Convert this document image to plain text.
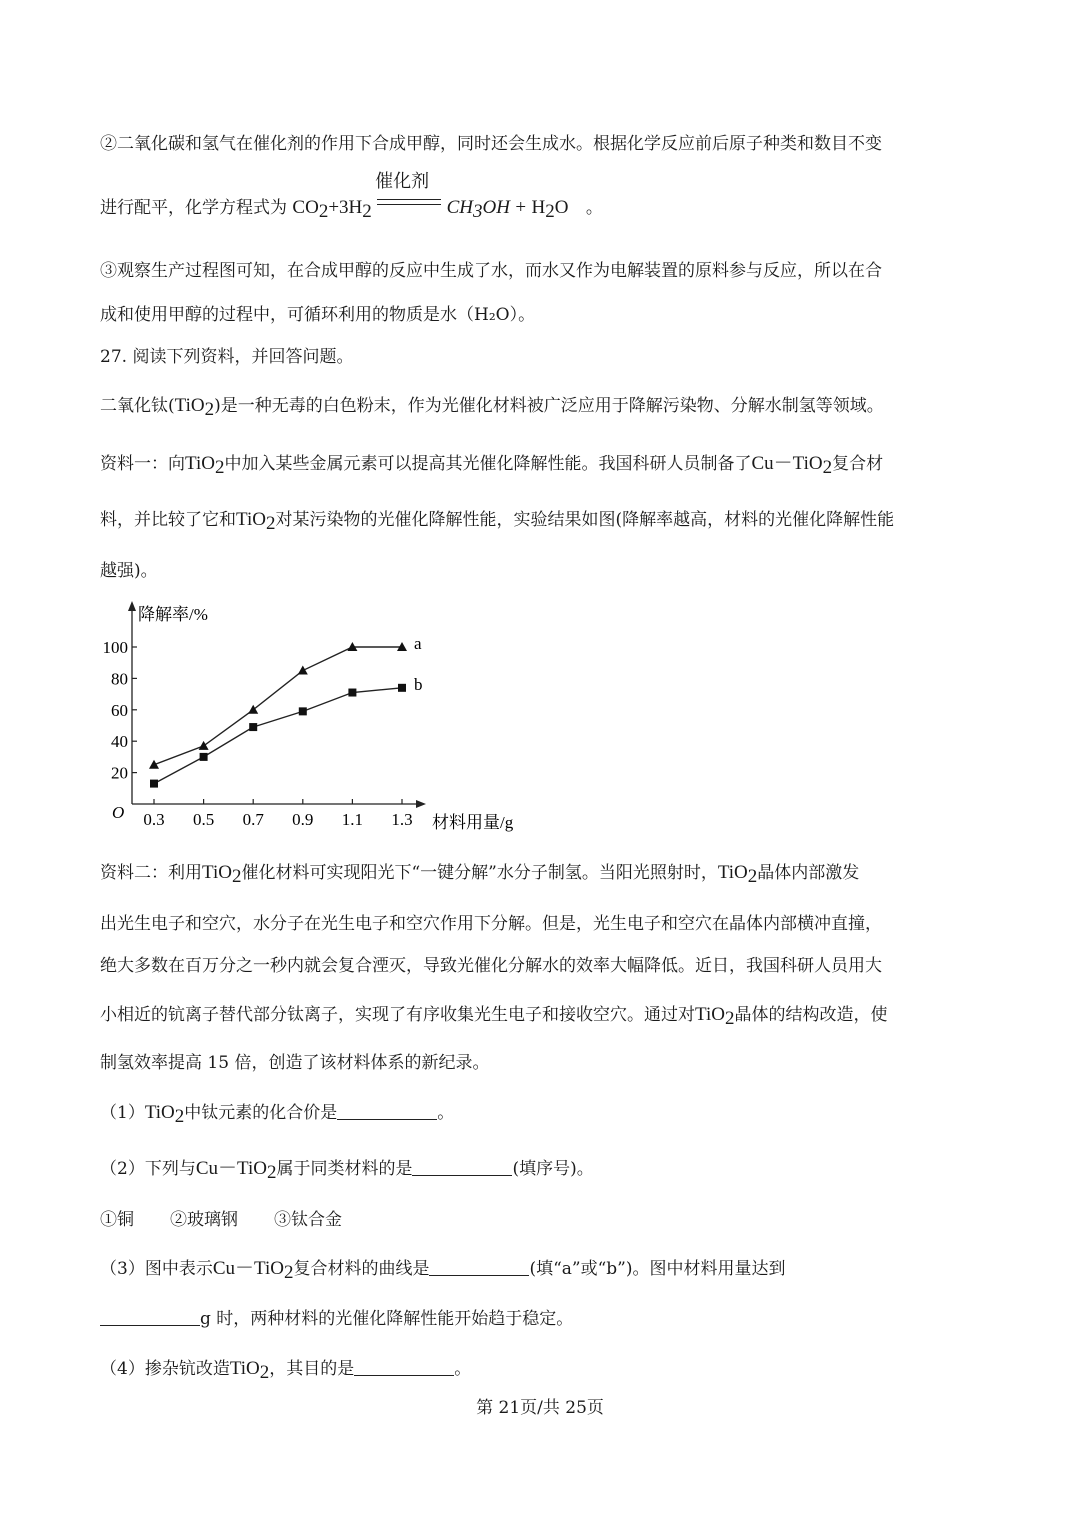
②二氧化碳和氢气在催化剂的作用下合成甲醇，同时还会生成水。根据化学反应前后原子种类和数目不变
进行配平，化学方程式为 CO2+3H2
催化剂
CH3OH + H2O 。
③观察生产过程图可知，在合成甲醇的反应中生成了水，而水又作为电解装置的原料参与反应，所以在合
成和使用甲醇的过程中，可循环利用的物质是水（H₂O）。
27. 阅读下列资料，并回答问题。
二氧化钛(TiO2)是一种无毒的白色粉末，作为光催化材料被广泛应用于降解污染物、分解水制氢等领域。
资料一：向TiO2中加入某些金属元素可以提高其光催化降解性能。我国科研人员制备了Cu－TiO2复合材
料，并比较了它和TiO2对某污染物的光催化降解性能，实验结果如图(降解率越高，材料的光催化降解性能
越强)。
降解率/%
材料用量/g
O
20
40
60
80
100
0.3 0.5 0.7 0.9 1.1 1.3
a
b
资料二：利用TiO2催化材料可实现阳光下“一键分解”水分子制氢。当阳光照射时，TiO2晶体内部激发
出光生电子和空穴，水分子在光生电子和空穴作用下分解。但是，光生电子和空穴在晶体内部横冲直撞，
绝大多数在百万分之一秒内就会复合湮灭，导致光催化分解水的效率大幅降低。近日，我国科研人员用大
小相近的钪离子替代部分钛离子，实现了有序收集光生电子和接收空穴。通过对TiO2晶体的结构改造，使
制氢效率提高 15 倍，创造了该材料体系的新纪录。
（1）TiO2中钛元素的化合价是	。
（2）下列与Cu－TiO2属于同类材料的是	(填序号)。
①铜 ②玻璃钢 ③钛合金
（3）图中表示Cu－TiO2复合材料的曲线是	(填“a”或“b”)。图中材料用量达到
g 时，两种材料的光催化降解性能开始趋于稳定。
（4）掺杂钪改造TiO2，其目的是	。
第 21页/共 25页
